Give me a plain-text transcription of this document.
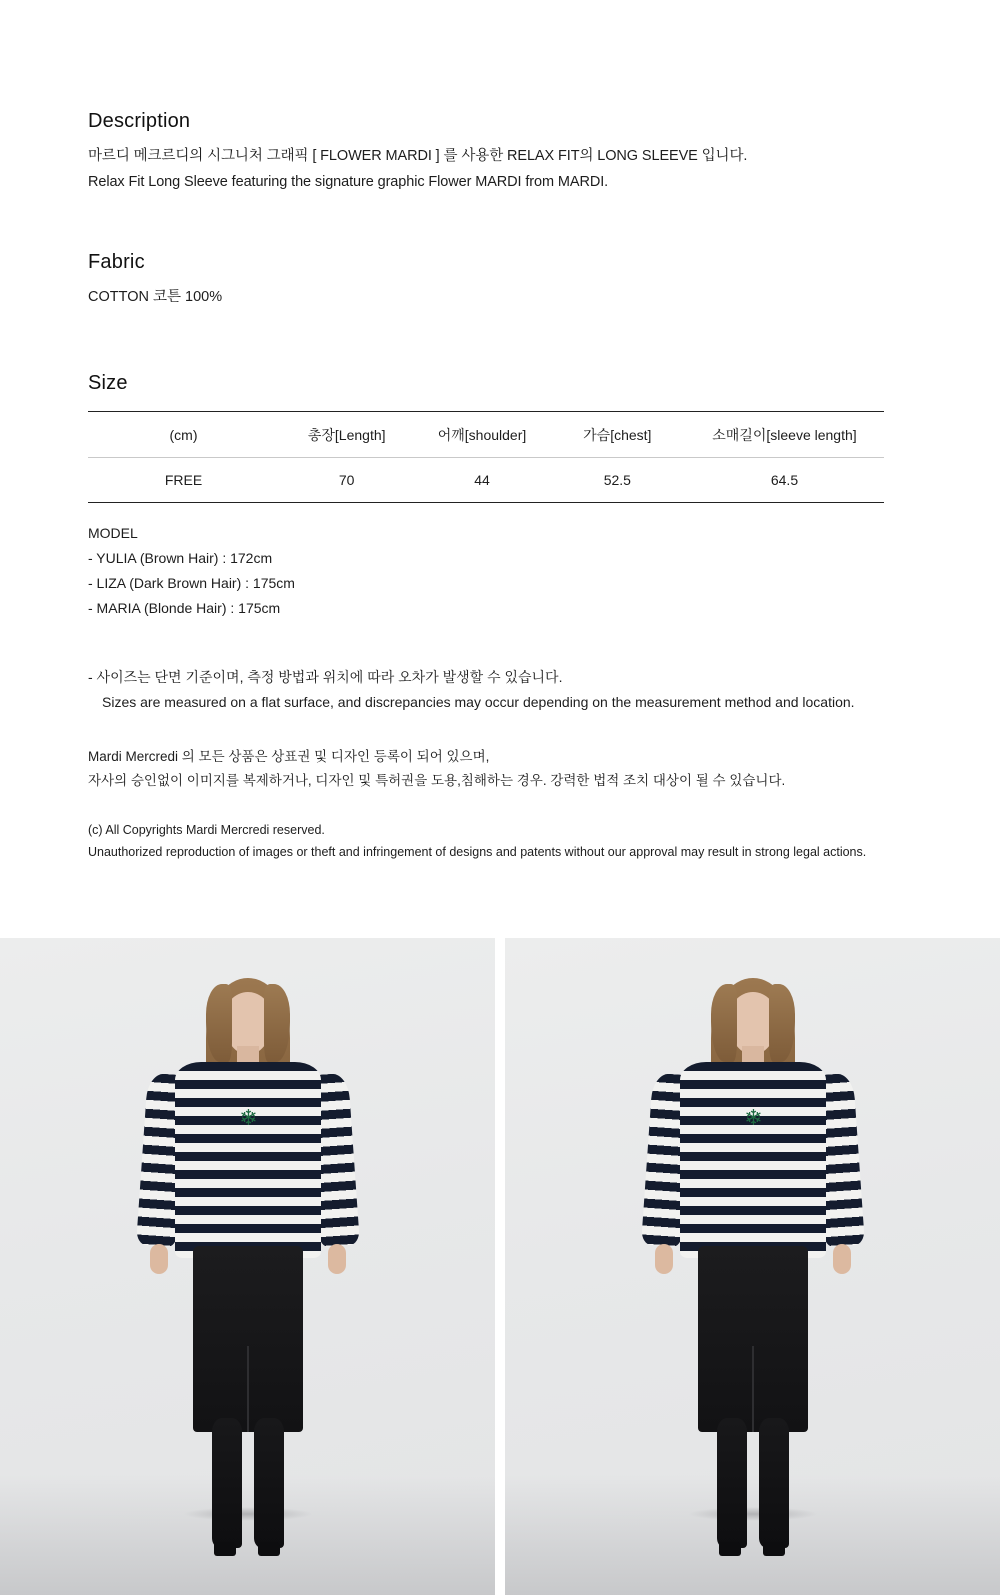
Description

마르디 메크르디의 시그니처 그래픽 [ FLOWER MARDI ] 를 사용한 RELAX FIT의 LONG SLEEVE 입니다.

Relax Fit Long Sleeve featuring the signature graphic Flower MARDI from MARDI.

Fabric

COTTON 코튼 100%

Size
(cm)	총장[Length]	어깨[shoulder]	가슴[chest]	소매길이[sleeve length]
FREE	70	44	52.5	64.5

MODEL

- YULIA (Brown Hair) : 172cm

- LIZA (Dark Brown Hair) : 175cm

- MARIA (Blonde Hair) : 175cm

- 사이즈는 단면 기준이며, 측정 방법과 위치에 따라 오차가 발생할 수 있습니다.

Sizes are measured on a flat surface, and discrepancies may occur depending on the measurement method and location.

Mardi Mercredi 의 모든 상품은 상표권 및 디자인 등록이 되어 있으며,

자사의 승인없이 이미지를 복제하거나, 디자인 및 특허권을 도용,침해하는 경우. 강력한 법적 조치 대상이 될 수 있습니다.

(c) All Copyrights Mardi Mercredi reserved.

Unauthorized reproduction of images or theft and infringement of designs and patents without our approval may result in strong legal actions.

❄	❄
